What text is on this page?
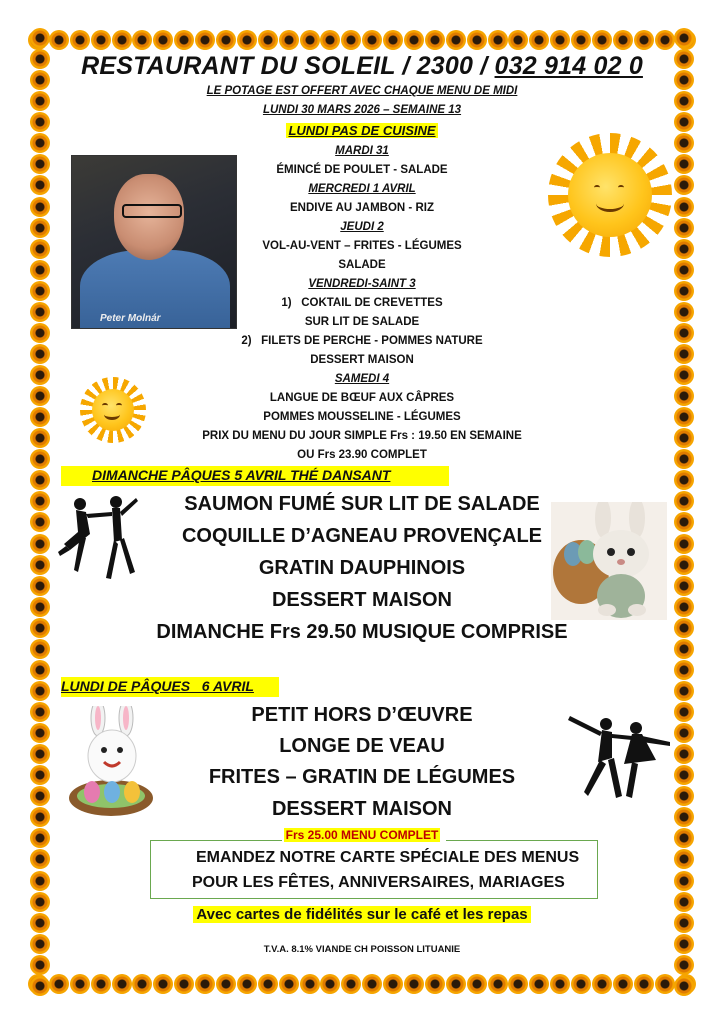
RESTAURANT DU SOLEIL / 2300 / 032 914 02 0
LE POTAGE EST OFFERT AVEC CHAQUE MENU DE MIDI
LUNDI 30 MARS 2026 – SEMAINE 13
LUNDI PAS DE CUISINE
MARDI 31
ÉMINCÉ DE POULET - SALADE
MERCREDI 1 AVRIL
ENDIVE AU JAMBON - RIZ
JEUDI 2
VOL-AU-VENT – FRITES - LÉGUMES
SALADE
VENDREDI-SAINT 3
1) COKTAIL DE CREVETTES
SUR LIT DE SALADE
2) FILETS DE PERCHE - POMMES NATURE
DESSERT MAISON
SAMEDI 4
LANGUE DE BŒUF AUX CÂPRES
POMMES MOUSSELINE - LÉGUMES
PRIX DU MENU DU JOUR SIMPLE Frs : 19.50 EN SEMAINE
OU Frs 23.90 COMPLET
Peter Molnár
DIMANCHE PÂQUES 5 AVRIL THÉ DANSANT
SAUMON FUMÉ SUR LIT DE SALADE
COQUILLE D’AGNEAU PROVENÇALE
GRATIN DAUPHINOIS
DESSERT MAISON
DIMANCHE Frs 29.50 MUSIQUE COMPRISE
LUNDI DE PÂQUES   6 AVRIL
PETIT HORS D’ŒUVRE
LONGE DE VEAU
FRITES – GRATIN DE LÉGUMES
DESSERT MAISON
Frs 25.00 MENU COMPLET
EMANDEZ NOTRE CARTE SPÉCIALE DES MENUS
POUR LES FÊTES, ANNIVERSAIRES, MARIAGES
Avec cartes de fidélités sur le café et les repas
T.V.A. 8.1% VIANDE CH POISSON LITUANIE
